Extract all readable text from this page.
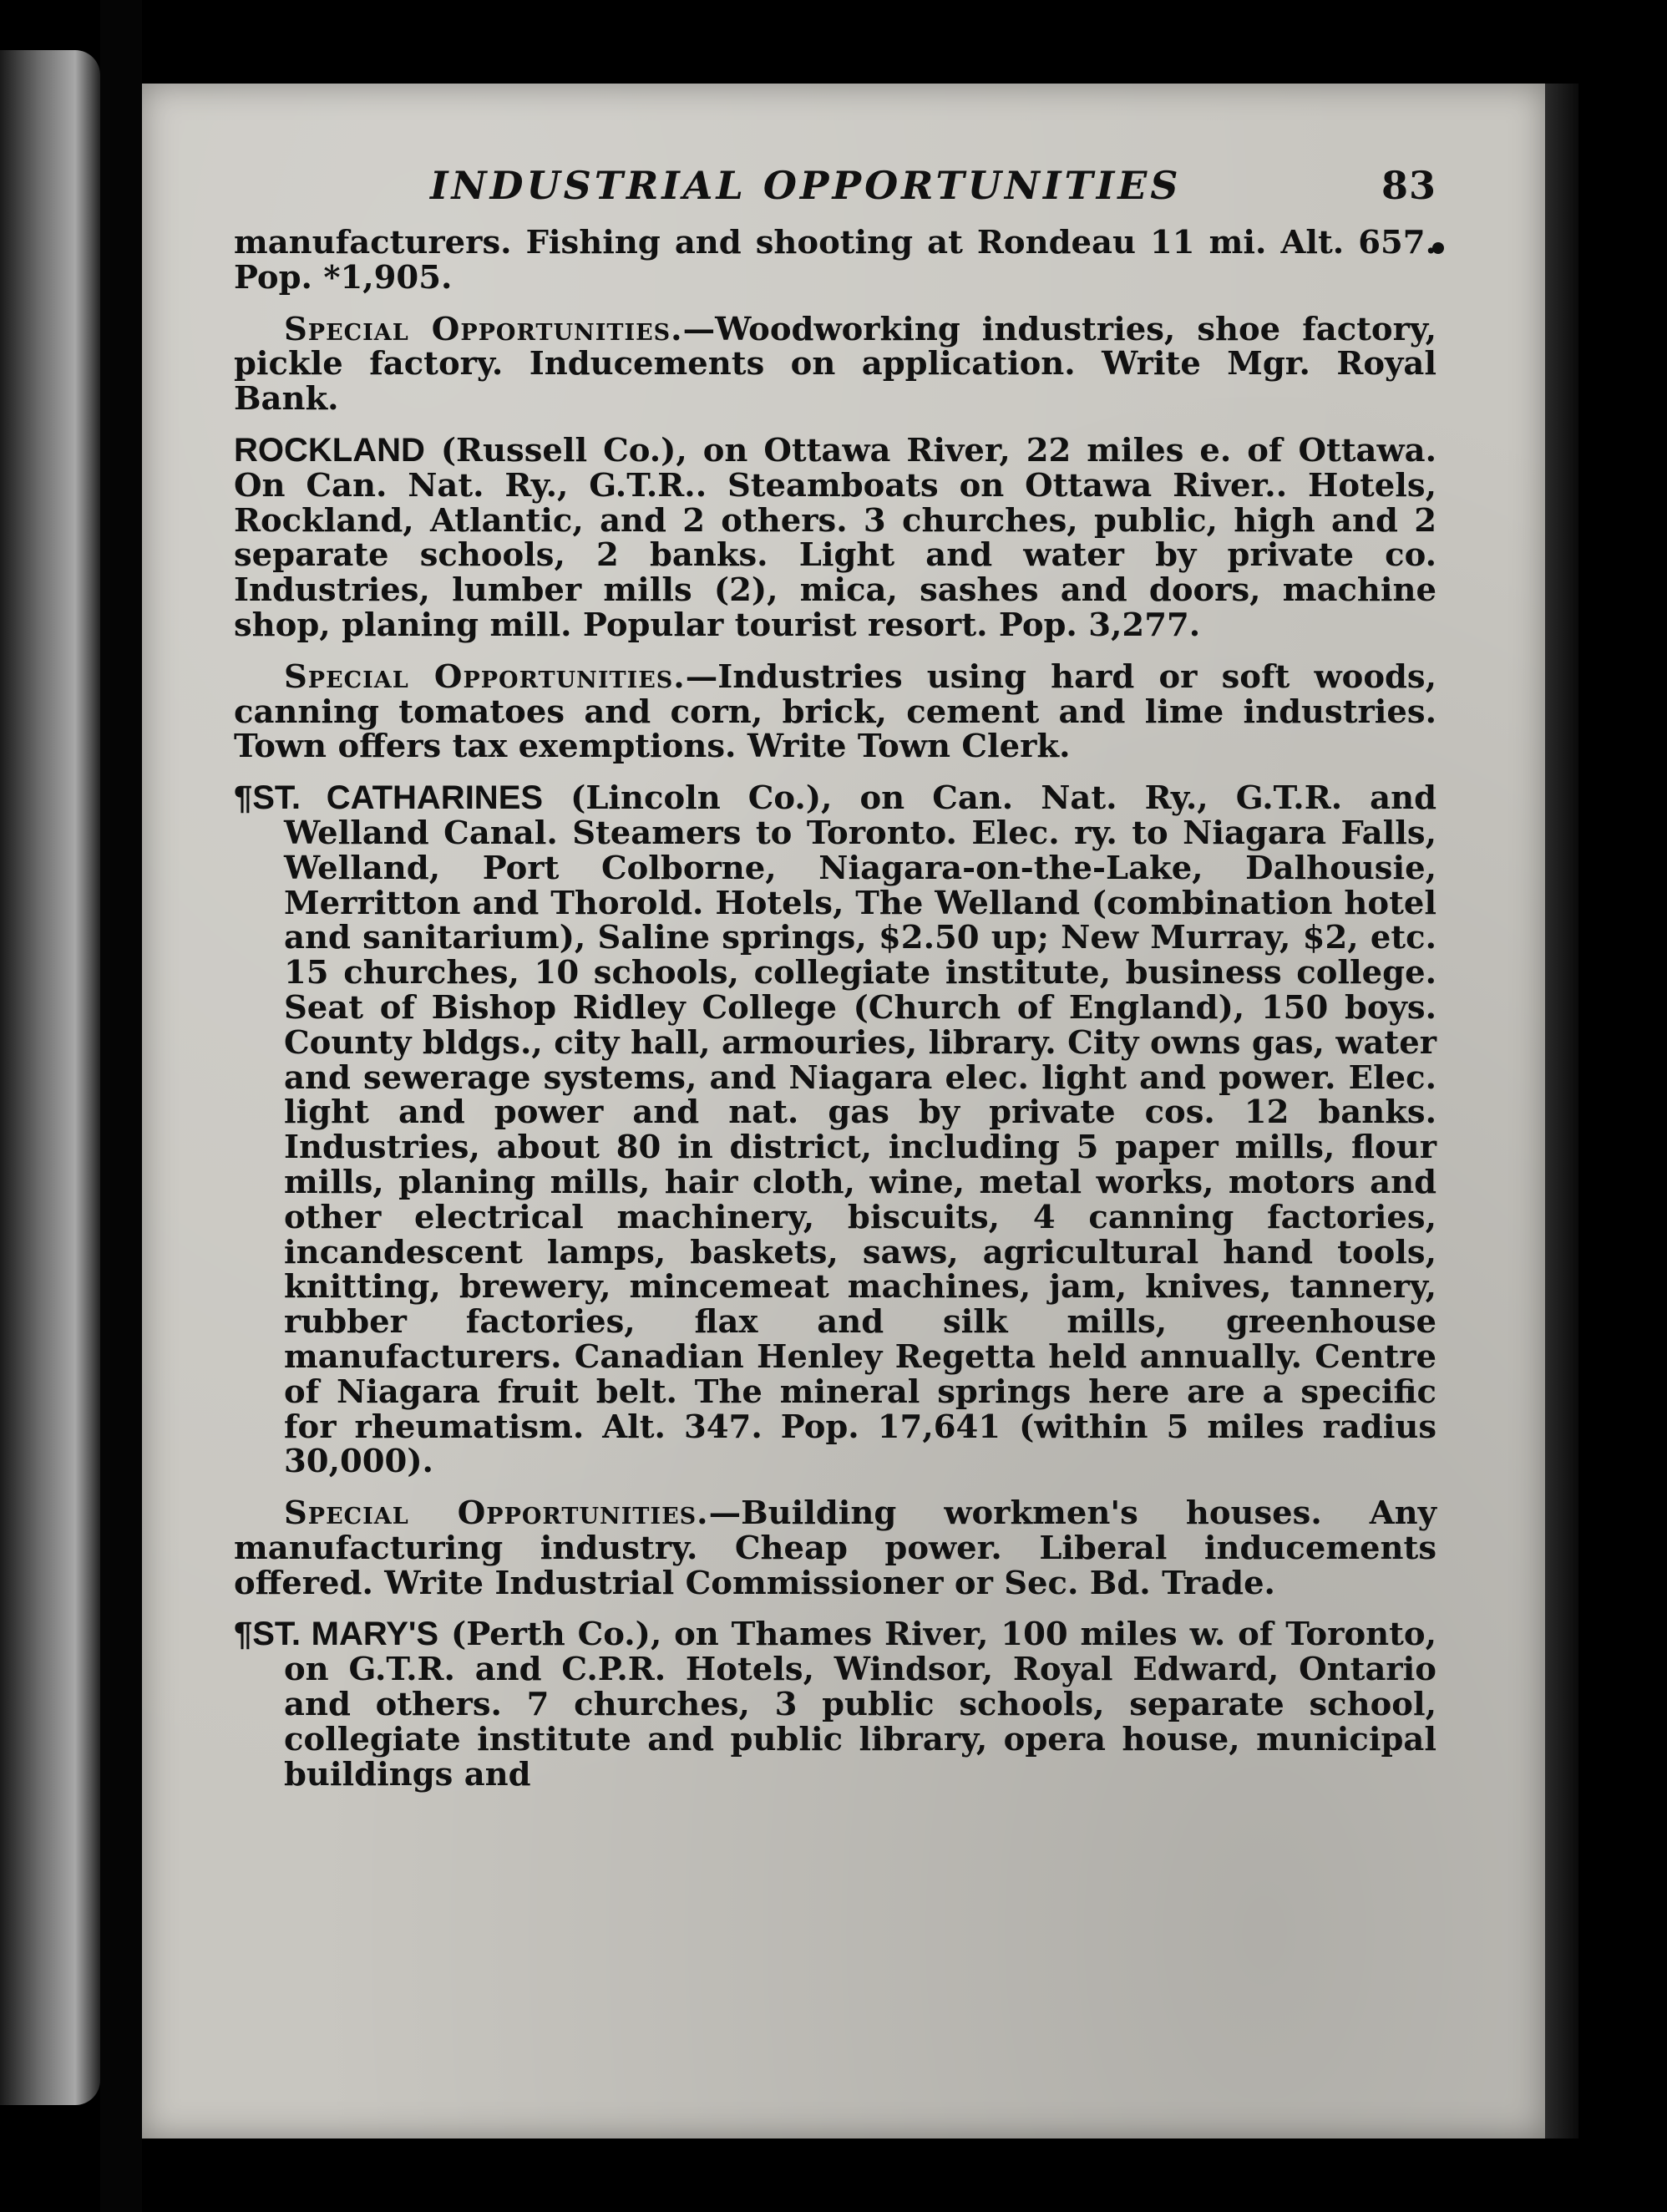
INDUSTRIAL OPPORTUNITIES	83

manufacturers. Fishing and shooting at Rondeau 11 mi. Alt. 657. Pop. *1,905.

Special Opportunities.—Woodworking industries, shoe factory, pickle factory. Inducements on application. Write Mgr. Royal Bank.

ROCKLAND (Russell Co.), on Ottawa River, 22 miles e. of Ottawa. On Can. Nat. Ry., G.T.R.. Steamboats on Ottawa River.. Hotels, Rockland, Atlantic, and 2 others. 3 churches, public, high and 2 separate schools, 2 banks. Light and water by private co. Industries, lumber mills (2), mica, sashes and doors, machine shop, planing mill. Popular tourist resort. Pop. 3,277.

Special Opportunities.—Industries using hard or soft woods, canning tomatoes and corn, brick, cement and lime industries. Town offers tax exemptions. Write Town Clerk.

¶ST. CATHARINES (Lincoln Co.), on Can. Nat. Ry., G.T.R. and Welland Canal. Steamers to Toronto. Elec. ry. to Niagara Falls, Welland, Port Colborne, Niagara-on-the-Lake, Dalhousie, Merritton and Thorold. Hotels, The Welland (combination hotel and sanitarium), Saline springs, $2.50 up; New Murray, $2, etc. 15 churches, 10 schools, collegiate institute, business college. Seat of Bishop Ridley College (Church of England), 150 boys. County bldgs., city hall, armouries, library. City owns gas, water and sewerage systems, and Niagara elec. light and power. Elec. light and power and nat. gas by private cos. 12 banks. Industries, about 80 in district, including 5 paper mills, flour mills, planing mills, hair cloth, wine, metal works, motors and other electrical machinery, biscuits, 4 canning factories, incandescent lamps, baskets, saws, agricultural hand tools, knitting, brewery, mincemeat machines, jam, knives, tannery, rubber factories, flax and silk mills, greenhouse manufacturers. Canadian Henley Regetta held annually. Centre of Niagara fruit belt. The mineral springs here are a specific for rheumatism. Alt. 347. Pop. 17,641 (within 5 miles radius 30,000).

Special Opportunities.—Building workmen's houses. Any manufacturing industry. Cheap power. Liberal inducements offered. Write Industrial Commissioner or Sec. Bd. Trade.

¶ST. MARY'S (Perth Co.), on Thames River, 100 miles w. of Toronto, on G.T.R. and C.P.R. Hotels, Windsor, Royal Edward, Ontario and others. 7 churches, 3 public schools, separate school, collegiate institute and public library, opera house, municipal buildings and
